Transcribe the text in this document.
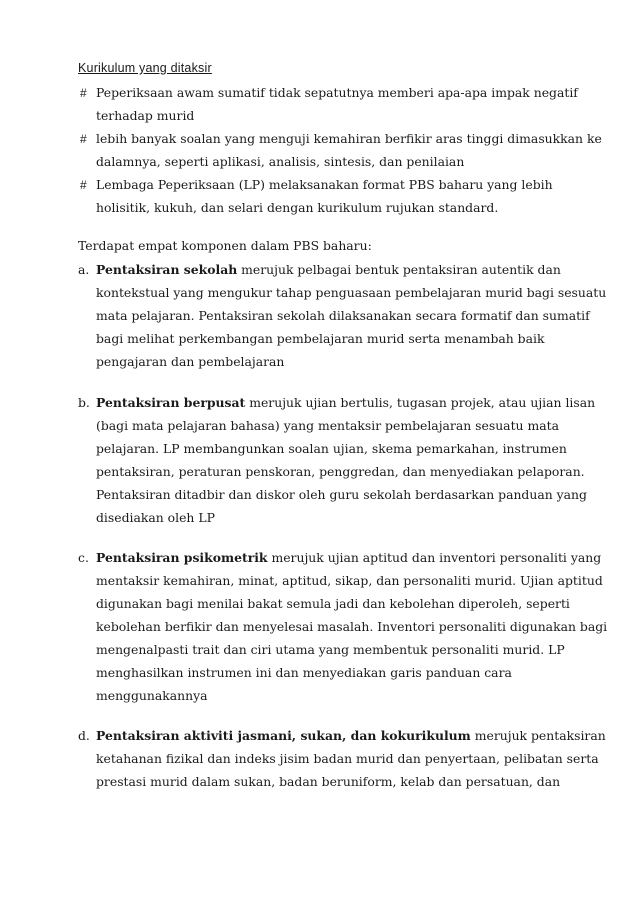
Kurikulum yang ditaksir
# Peperiksaan awam sumatif tidak sepatutnya memberi apa-apa impak negatif
terhadap murid
# lebih banyak soalan yang menguji kemahiran berfikir aras tinggi dimasukkan ke
dalamnya, seperti aplikasi, analisis, sintesis, dan penilaian
# Lembaga Peperiksaan (LP) melaksanakan format PBS baharu yang lebih
holisitik, kukuh, dan selari dengan kurikulum rujukan standard.
Terdapat empat komponen dalam PBS baharu:
a. Pentaksiran sekolah merujuk pelbagai bentuk pentaksiran autentik dan
kontekstual yang mengukur tahap penguasaan pembelajaran murid bagi sesuatu
mata pelajaran. Pentaksiran sekolah dilaksanakan secara formatif dan sumatif
bagi melihat perkembangan pembelajaran murid serta menambah baik
pengajaran dan pembelajaran
b. Pentaksiran berpusat merujuk ujian bertulis, tugasan projek, atau ujian lisan
(bagi mata pelajaran bahasa) yang mentaksir pembelajaran sesuatu mata
pelajaran. LP membangunkan soalan ujian, skema pemarkahan, instrumen
pentaksiran, peraturan penskoran, penggredan, dan menyediakan pelaporan.
Pentaksiran ditadbir dan diskor oleh guru sekolah berdasarkan panduan yang
disediakan oleh LP
c. Pentaksiran psikometrik merujuk ujian aptitud dan inventori personaliti yang
mentaksir kemahiran, minat, aptitud, sikap, dan personaliti murid. Ujian aptitud
digunakan bagi menilai bakat semula jadi dan kebolehan diperoleh, seperti
kebolehan berfikir dan menyelesai masalah. Inventori personaliti digunakan bagi
mengenalpasti trait dan ciri utama yang membentuk personaliti murid. LP
menghasilkan instrumen ini dan menyediakan garis panduan cara
menggunakannya
d. Pentaksiran aktiviti jasmani, sukan, dan kokurikulum merujuk pentaksiran
ketahanan fizikal dan indeks jisim badan murid dan penyertaan, pelibatan serta
prestasi murid dalam sukan, badan beruniform, kelab dan persatuan, dan
